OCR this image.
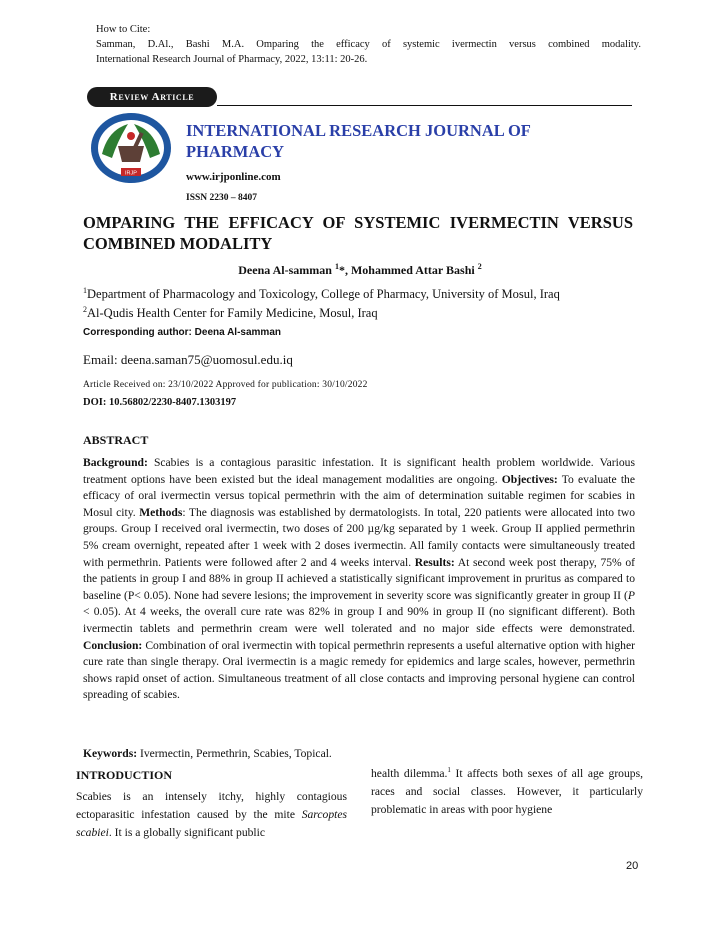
How to Cite:

Samman, D.Al., Bashi M.A. Omparing the efficacy of systemic ivermectin versus combined modality.

International Research Journal of Pharmacy, 2022, 13:11: 20-26.

Review Article
IRJP
INTERNATIONAL RESEARCH JOURNAL OF PHARMACY
www.irjponline.com
ISSN 2230 – 8407
OMPARING THE EFFICACY OF SYSTEMIC IVERMECTIN VERSUS COMBINED MODALITY
Deena Al-samman $^1$*, Mohammed Attar Bashi $^2$
$^1$Department of Pharmacology and Toxicology, College of Pharmacy, University of Mosul, Iraq
$^2$Al-Qudis Health Center for Family Medicine, Mosul, Iraq
Corresponding author: Deena Al-samman
Email: deena.saman75@uomosul.edu.iq
Article Received on: 23/10/2022 Approved for publication: 30/10/2022
DOI: 10.56802/2230-8407.1303197
ABSTRACT
Background: Scabies is a contagious parasitic infestation. It is significant health problem worldwide. Various treatment options have been existed but the ideal management modalities are ongoing. Objectives: To evaluate the efficacy of oral ivermectin versus topical permethrin with the aim of determination suitable regimen for scabies in Mosul city. Methods: The diagnosis was established by dermatologists. In total, 220 patients were allocated into two groups. Group I received oral ivermectin, two doses of 200 µg/kg separated by 1 week. Group II applied permethrin 5% cream overnight, repeated after 1 week with 2 doses ivermectin. All family contacts were simultaneously treated with permethrin. Patients were followed after 2 and 4 weeks interval. Results: At second week post therapy, 75% of the patients in group I and 88% in group II achieved a statistically significant improvement in pruritus as compared to baseline (P< 0.05). None had severe lesions; the improvement in severity score was significantly greater in group II (P < 0.05). At 4 weeks, the overall cure rate was 82% in group I and 90% in group II (no significant different). Both ivermectin tablets and permethrin cream were well tolerated and no major side effects were demonstrated. Conclusion: Combination of oral ivermectin with topical permethrin represents a useful alternative option with higher cure rate than single therapy. Oral ivermectin is a magic remedy for epidemics and large scales, however, permethrin shows rapid onset of action. Simultaneous treatment of all close contacts and improving personal hygiene can control spreading of scabies.
Keywords: Ivermectin, Permethrin, Scabies, Topical.
INTRODUCTION
Scabies is an intensely itchy, highly contagious ectoparasitic infestation caused by the mite Sarcoptes scabiei. It is a globally significant public
health dilemma.$^1$ It affects both sexes of all age groups, races and social classes. However, it particularly problematic in areas with poor hygiene
20
